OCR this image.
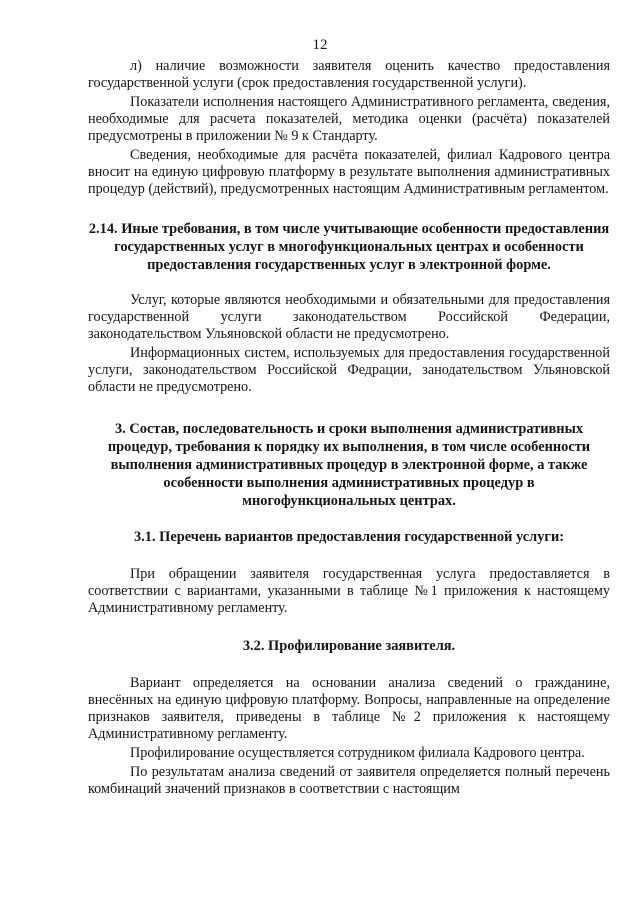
12

л) наличие возможности заявителя оценить качество предоставления государственной услуги (срок предоставления государственной услуги).

Показатели исполнения настоящего Административного регламента, сведения, необходимые для расчета показателей, методика оценки (расчёта) показателей предусмотрены в приложении № 9 к Стандарту.

Сведения, необходимые для расчёта показателей, филиал Кадрового центра вносит на единую цифровую платформу в результате выполнения административных процедур (действий), предусмотренных настоящим Административным регламентом.

2.14. Иные требования, в том числе учитывающие особенности предоставления государственных услуг в многофункциональных центрах и особенности предоставления государственных услуг в электронной форме.

Услуг, которые являются необходимыми и обязательными для предоставления государственной услуги законодательством Российской Федерации, законодательством Ульяновской области не предусмотрено.

Информационных систем, используемых для предоставления государственной услуги, законодательством Российской Федрации, занодательством Ульяновской области не предусмотрено.

3. Состав, последовательность и сроки выполнения административных процедур, требования к порядку их выполнения, в том числе особенности выполнения административных процедур в электронной форме, а также особенности выполнения административных процедур в многофункциональных центрах.
3.1. Перечень вариантов предоставления государственной услуги:

При обращении заявителя государственная услуга предоставляется в соответствии с вариантами, указанными в таблице №1 приложения к настоящему Административному регламенту.

3.2. Профилирование заявителя.

Вариант определяется на основании анализа сведений о гражданине, внесённых на единую цифровую платформу. Вопросы, направленные на определение признаков заявителя, приведены в таблице №2 приложения к настоящему Административному регламенту.

Профилирование осуществляется сотрудником филиала Кадрового центра.

По результатам анализа сведений от заявителя определяется полный перечень комбинаций значений признаков в соответствии с настоящим
